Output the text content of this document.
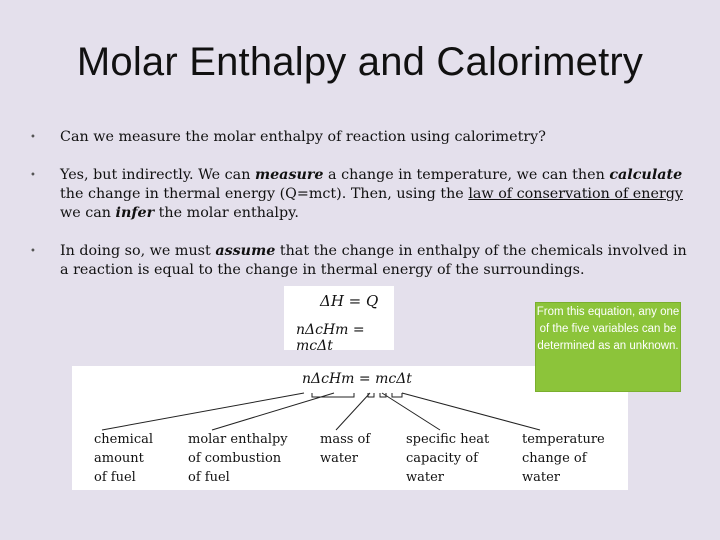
Molar Enthalpy and Calorimetry
• Can we measure the molar enthalpy of reaction using calorimetry?
• Yes, but indirectly. We can measure a change in temperature, we can then calculate the change in thermal energy (Q=mct). Then, using the law of conservation of energy we can infer the molar enthalpy.
• In doing so, we must assume that the change in enthalpy of the chemicals involved in a reaction is equal to the change in thermal energy of the surroundings.
ΔH = Q
nΔcHm = mcΔt
nΔcHm = mcΔt
chemical
amount
of fuel
molar enthalpy
of combustion
of fuel
mass of
water
specific heat
capacity of
water
temperature
change of
water
From this equation, any one of the five variables can be determined as an unknown.
